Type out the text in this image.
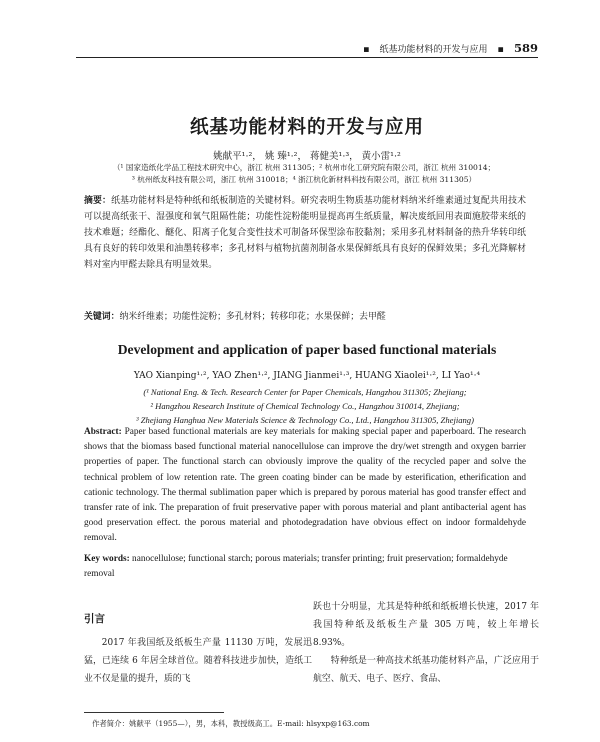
▪ 纸基功能材料的开发与应用 ▪ 589
纸基功能材料的开发与应用
姚献平¹·²， 姚 臻¹·²， 蒋健美¹·³， 黄小雷¹·²
（¹ 国家造纸化学品工程技术研究中心，浙江 杭州 311305；² 杭州市化工研究院有限公司，浙江 杭州 310014；
³ 杭州纸友科技有限公司，浙江 杭州 310018；⁴ 浙江杭化新材料科技有限公司，浙江 杭州 311305）
摘要：纸基功能材料是特种纸和纸板制造的关键材料。研究表明生物质基功能材料纳米纤维素通过复配共用技术可以提高纸张干、湿强度和氧气阻隔性能；功能性淀粉能明显提高再生纸质量，解决废纸回用表面施胶带来纸的技术难题；经酯化、醚化、阳离子化复合变性技术可制备环保型涂布胶黏剂；采用多孔材料制备的热升华转印纸具有良好的转印效果和油墨转移率；多孔材料与植物抗菌剂制备水果保鲜纸具有良好的保鲜效果；多孔光降解材料对室内甲醛去除具有明显效果。
关键词：纳米纤维素；功能性淀粉；多孔材料；转移印花；水果保鲜；去甲醛
Development and application of paper based functional materials
YAO Xianping¹·², YAO Zhen¹·², JIANG Jianmei¹·³, HUANG Xiaolei¹·², LI Yao¹·⁴
(¹ National Eng. & Tech. Research Center for Paper Chemicals, Hangzhou 311305; Zhejiang;
² Hangzhou Research Institute of Chemical Technology Co., Hangzhou 310014, Zhejiang;
³ Zhejiang Hanghua New Materials Science & Technology Co., Ltd., Hangzhou 311305, Zhejiang)
Abstract: Paper based functional materials are key materials for making special paper and paperboard. The research shows that the biomass based functional material nanocellulose can improve the dry/wet strength and oxygen barrier properties of paper. The functional starch can obviously improve the quality of the recycled paper and solve the technical problem of low retention rate. The green coating binder can be made by esterification, etherification and cationic technology. The thermal sublimation paper which is prepared by porous material has good transfer effect and transfer rate of ink. The preparation of fruit preservative paper with porous material and plant antibacterial agent has good preservation effect. the porous material and photodegradation have obvious effect on indoor formaldehyde removal.
Key words: nanocellulose; functional starch; porous materials; transfer printing; fruit preservation; formaldehyde removal
引言

2017 年我国纸及纸板生产量 11130 万吨，发展迅猛，已连续 6 年居全球首位。随着科技进步加快，造纸工业不仅是量的提升，质的飞

跃也十分明显，尤其是特种纸和纸板增长快速，2017 年我国特种纸及纸板生产量 305 万吨，较上年增长 8.93%。

特种纸是一种高技术纸基功能材料产品，广泛应用于航空、航天、电子、医疗、食品、

作者简介：姚献平（1955—），男，本科，教授级高工。E-mail: hlsyxp@163.com
